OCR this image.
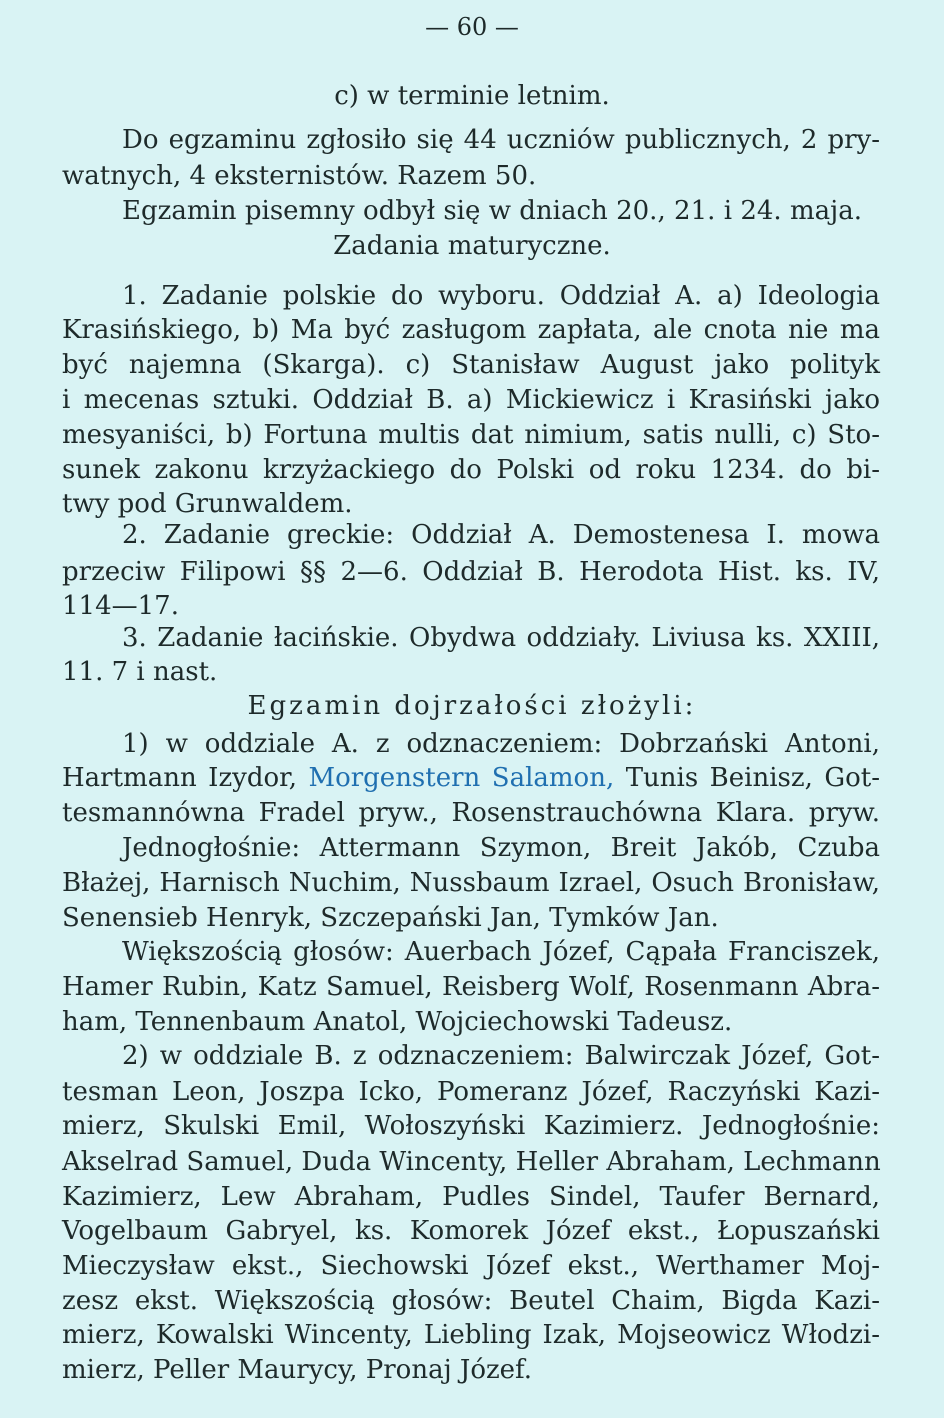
— 60 —
c) w terminie letnim.
Do egzaminu zgłosiło się 44 uczniów publicznych, 2 pry-
watnych, 4 eksternistów. Razem 50.
Egzamin pisemny odbył się w dniach 20., 21. i 24. maja.
Zadania maturyczne.
1. Zadanie polskie do wyboru. Oddział A. a) Ideologia
Krasińskiego, b) Ma być zasługom zapłata, ale cnota nie ma
być najemna (Skarga). c) Stanisław August jako polityk
i mecenas sztuki. Oddział B. a) Mickiewicz i Krasiński jako
mesyaniści, b) Fortuna multis dat nimium, satis nulli, c) Sto-
sunek zakonu krzyżackiego do Polski od roku 1234. do bi-
twy pod Grunwaldem.
2. Zadanie greckie: Oddział A. Demostenesa I. mowa
przeciw Filipowi §§ 2—6. Oddział B. Herodota Hist. ks. IV,
114—17.
3. Zadanie łacińskie. Obydwa oddziały. Liviusa ks. XXIII,
11. 7 i nast.
Egzamin dojrzałości złożyli:
1) w oddziale A. z odznaczeniem: Dobrzański Antoni,
Hartmann Izydor, Morgenstern Salamon, Tunis Beinisz, Got-
tesmannówna Fradel pryw., Rosenstrauchówna Klara. pryw.
Jednogłośnie: Attermann Szymon, Breit Jakób, Czuba
Błażej, Harnisch Nuchim, Nussbaum Izrael, Osuch Bronisław,
Senensieb Henryk, Szczepański Jan, Tymków Jan.
Większością głosów: Auerbach Józef, Cąpała Franciszek,
Hamer Rubin, Katz Samuel, Reisberg Wolf, Rosenmann Abra-
ham, Tennenbaum Anatol, Wojciechowski Tadeusz.
2) w oddziale B. z odznaczeniem: Balwirczak Józef, Got-
tesman Leon, Joszpa Icko, Pomeranz Józef, Raczyński Kazi-
mierz, Skulski Emil, Wołoszyński Kazimierz. Jednogłośnie:
Akselrad Samuel, Duda Wincenty, Heller Abraham, Lechmann
Kazimierz, Lew Abraham, Pudles Sindel, Taufer Bernard,
Vogelbaum Gabryel, ks. Komorek Józef ekst., Łopuszański
Mieczysław ekst., Siechowski Józef ekst., Werthamer Moj-
zesz ekst. Większością głosów: Beutel Chaim, Bigda Kazi-
mierz, Kowalski Wincenty, Liebling Izak, Mojseowicz Włodzi-
mierz, Peller Maurycy, Pronaj Józef.
